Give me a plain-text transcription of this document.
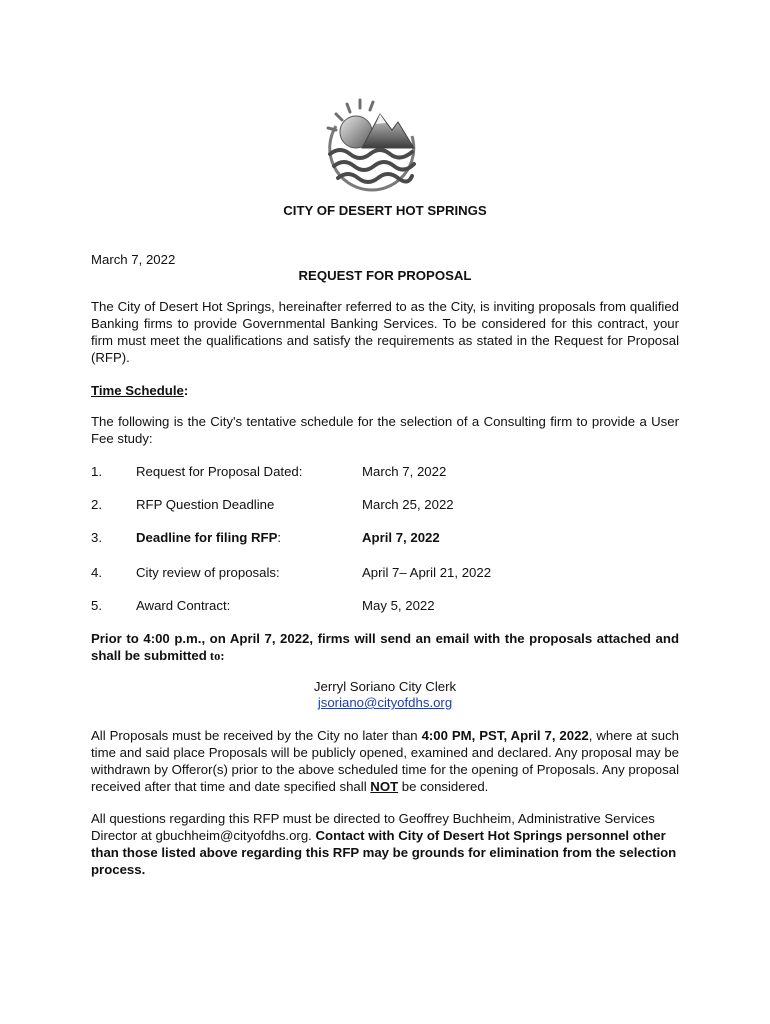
CITY OF DESERT HOT SPRINGS
March 7, 2022
REQUEST FOR PROPOSAL
The City of Desert Hot Springs, hereinafter referred to as the City, is inviting proposals from qualified Banking firms to provide Governmental Banking Services. To be considered for this contract, your firm must meet the qualifications and satisfy the requirements as stated in the Request for Proposal (RFP).
Time Schedule:
The following is the City's tentative schedule for the selection of a Consulting firm to provide a User Fee study:
1.	Request for Proposal Dated:	March 7, 2022
2.	RFP Question Deadline	March 25, 2022
3.	Deadline for filing RFP:	April 7, 2022
4.	City review of proposals:	April 7– April 21, 2022
5.	Award Contract:	May 5, 2022
Prior to 4:00 p.m., on April 7, 2022, firms will send an email with the proposals attached and shall be submitted to:
Jerryl Soriano City Clerk
jsoriano@cityofdhs.org
All Proposals must be received by the City no later than 4:00 PM, PST, April 7, 2022, where at such time and said place Proposals will be publicly opened, examined and declared. Any proposal may be withdrawn by Offeror(s) prior to the above scheduled time for the opening of Proposals. Any proposal received after that time and date specified shall NOT be considered.
All questions regarding this RFP must be directed to Geoffrey Buchheim, Administrative Services Director at gbuchheim@cityofdhs.org. Contact with City of Desert Hot Springs personnel other than those listed above regarding this RFP may be grounds for elimination from the selection process.
